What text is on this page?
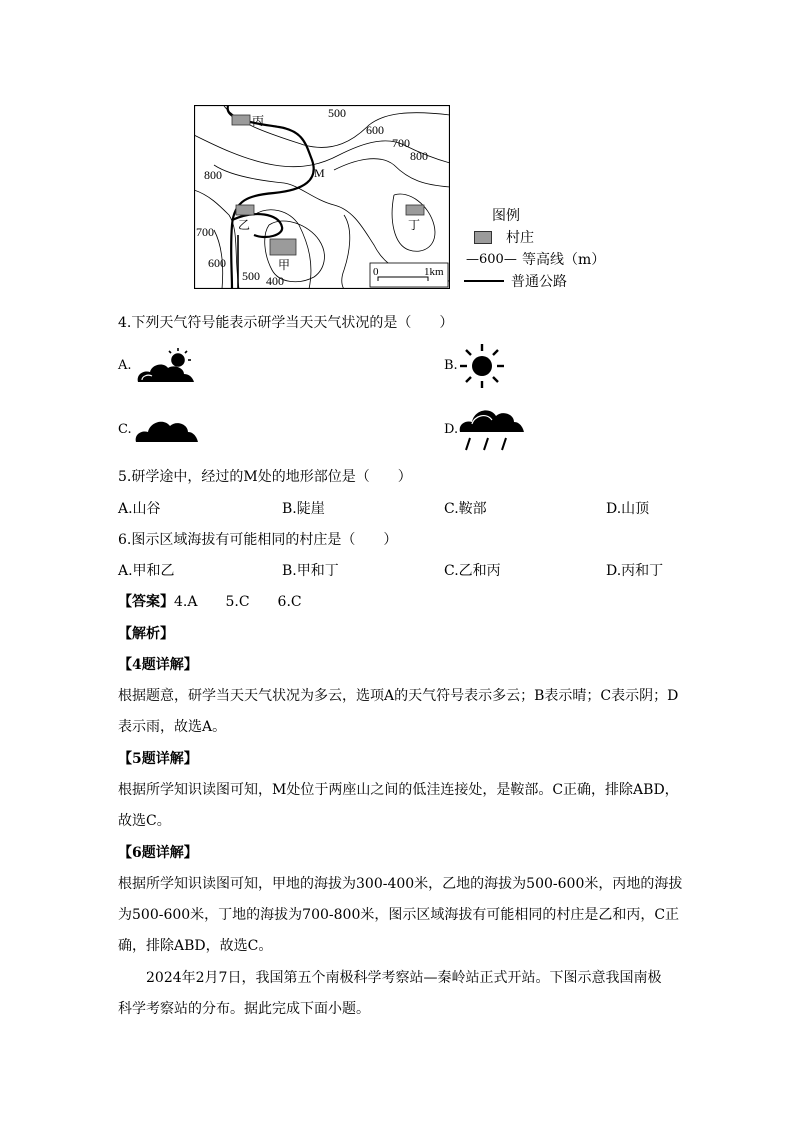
丙
乙
甲
丁
M
500
600
700
800
800
700
600
500 400
0	1km
图例
村庄
—600— 等高线（m）
普通公路
4.下列天气符号能表示研学当天天气状况的是（　　）
A.	B.
C.	D.
5.研学途中，经过的M处的地形部位是（　　）
A.山谷	B.陡崖	C.鞍部	D.山顶
6.图示区域海拔有可能相同的村庄是（　　）
A.甲和乙	B.甲和丁	C.乙和丙	D.丙和丁
【答案】4.A 5.C 6.C
【解析】
【4题详解】
根据题意，研学当天天气状况为多云，选项A的天气符号表示多云；B表示晴；C表示阴；D
表示雨，故选A。
【5题详解】
根据所学知识读图可知，M处位于两座山之间的低洼连接处，是鞍部。C正确，排除ABD，
故选C。
【6题详解】
根据所学知识读图可知，甲地的海拔为300-400米，乙地的海拔为500-600米，丙地的海拔
为500-600米，丁地的海拔为700-800米，图示区域海拔有可能相同的村庄是乙和丙，C正
确，排除ABD，故选C。
2024年2月7日，我国第五个南极科学考察站—秦岭站正式开站。下图示意我国南极
科学考察站的分布。据此完成下面小题。
